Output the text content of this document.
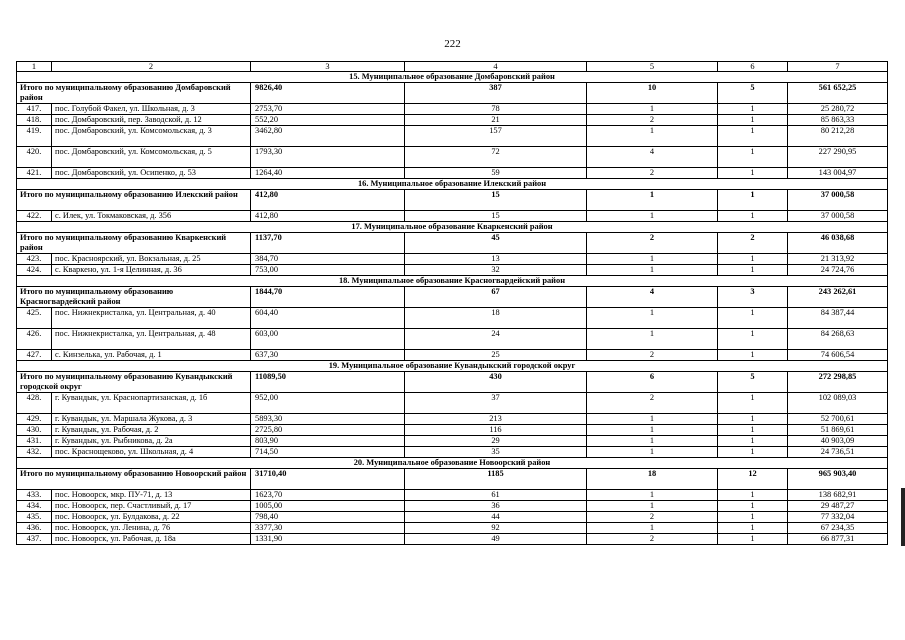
222
1	2	3	4	5	6	7
15. Муниципальное образование Домбаровский район						
Итого по муниципальному образованию Домбаровский район		9826,40	387	10	5	561 652,25
417.	пос. Голубой Факел, ул. Школьная, д. 3	2753,70	78	1	1	25 280,72
418.	пос. Домбаровский, пер. Заводской, д. 12	552,20	21	2	1	85 863,33
419.	пос. Домбаровский, ул. Комсомольская, д. 3	3462,80	157	1	1	80 212,28
420.	пос. Домбаровский, ул. Комсомольская, д. 5	1793,30	72	4	1	227 290,95
421.	пос. Домбаровский, ул. Осипенко, д. 53	1264,40	59	2	1	143 004,97
16. Муниципальное образование Илекский район						
Итого по муниципальному образованию Илекский район		412,80	15	1	1	37 000,58
422.	с. Илек, ул. Токмаковская, д. 356	412,80	15	1	1	37 000,58
17. Муниципальное образование Кваркенский район						
Итого по муниципальному образованию Кваркенский район		1137,70	45	2	2	46 038,68
423.	пос. Красноярский, ул. Вокзальная, д. 25	384,70	13	1	1	21 313,92
424.	с. Кваркено, ул. 1-я Целинная, д. 36	753,00	32	1	1	24 724,76
18. Муниципальное образование Красногвардейский район						
Итого по муниципальному образованию Красногвардейский район		1844,70	67	4	3	243 262,61
425.	пос. Нижнекристалка, ул. Центральная, д. 40	604,40	18	1	1	84 387,44
426.	пос. Нижнекристалка, ул. Центральная, д. 48	603,00	24	1	1	84 268,63
427.	с. Кинзелька, ул. Рабочая, д. 1	637,30	25	2	1	74 606,54
19. Муниципальное образование Кувандыкский городской округ						
Итого по муниципальному образованию Кувандыкский городской округ		11089,50	430	6	5	272 298,85
428.	г. Кувандык, ул. Краснопартизанская, д. 1б	952,00	37	2	1	102 089,03
429.	г. Кувандык, ул. Маршала Жукова, д. 3	5893,30	213	1	1	52 700,61
430.	г. Кувандык, ул. Рабочая, д. 2	2725,80	116	1	1	51 869,61
431.	г. Кувандык, ул. Рыбникова, д. 2а	803,90	29	1	1	40 903,09
432.	пос. Краснощеково, ул. Школьная, д. 4	714,50	35	1	1	24 736,51
20. Муниципальное образование Новоорский район						
Итого по муниципальному образованию Новоорский район		31710,40	1185	18	12	965 903,40
433.	пос. Новоорск, мкр. ПУ-71, д. 13	1623,70	61	1	1	138 682,91
434.	пос. Новоорск, пер. Счастливый, д. 17	1005,00	36	1	1	29 487,27
435.	пос. Новоорск, ул. Булдакова, д. 22	798,40	44	2	1	77 332,04
436.	пос. Новоорск, ул. Ленина, д. 76	3377,30	92	1	1	67 234,35
437.	пос. Новоорск, ул. Рабочая, д. 18а	1331,90	49	2	1	66 877,31
